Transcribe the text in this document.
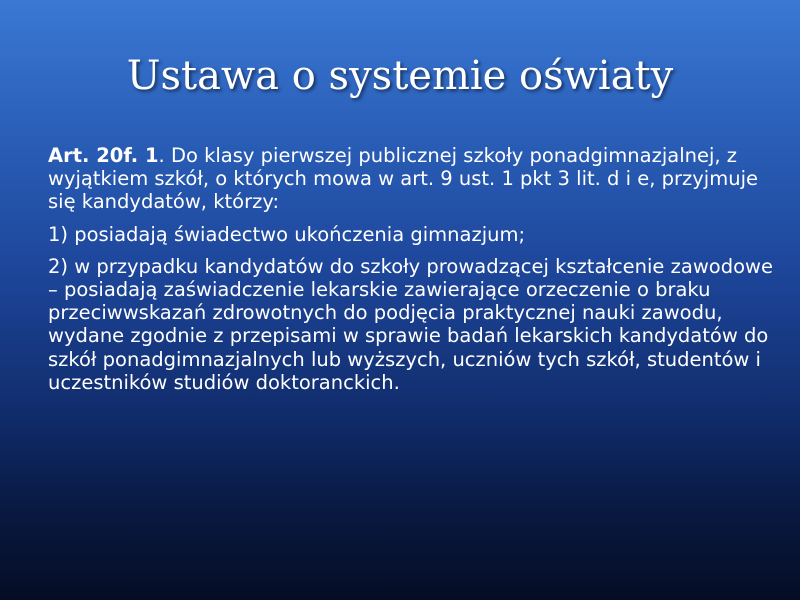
Ustawa o systemie oświaty

Art. 20f. 1. Do klasy pierwszej publicznej szkoły ponadgimnazjalnej, z wyjątkiem szkół, o których mowa w art. 9 ust. 1 pkt 3 lit. d i e, przyjmuje się kandydatów, którzy:

1) posiadają świadectwo ukończenia gimnazjum;

2) w przypadku kandydatów do szkoły prowadzącej kształcenie zawodowe – posiadają zaświadczenie lekarskie zawierające orzeczenie o braku przeciwwskazań zdrowotnych do podjęcia praktycznej nauki zawodu, wydane zgodnie z przepisami w sprawie badań lekarskich kandydatów do szkół ponadgimnazjalnych lub wyższych, uczniów tych szkół, studentów i uczestników studiów doktoranckich.
